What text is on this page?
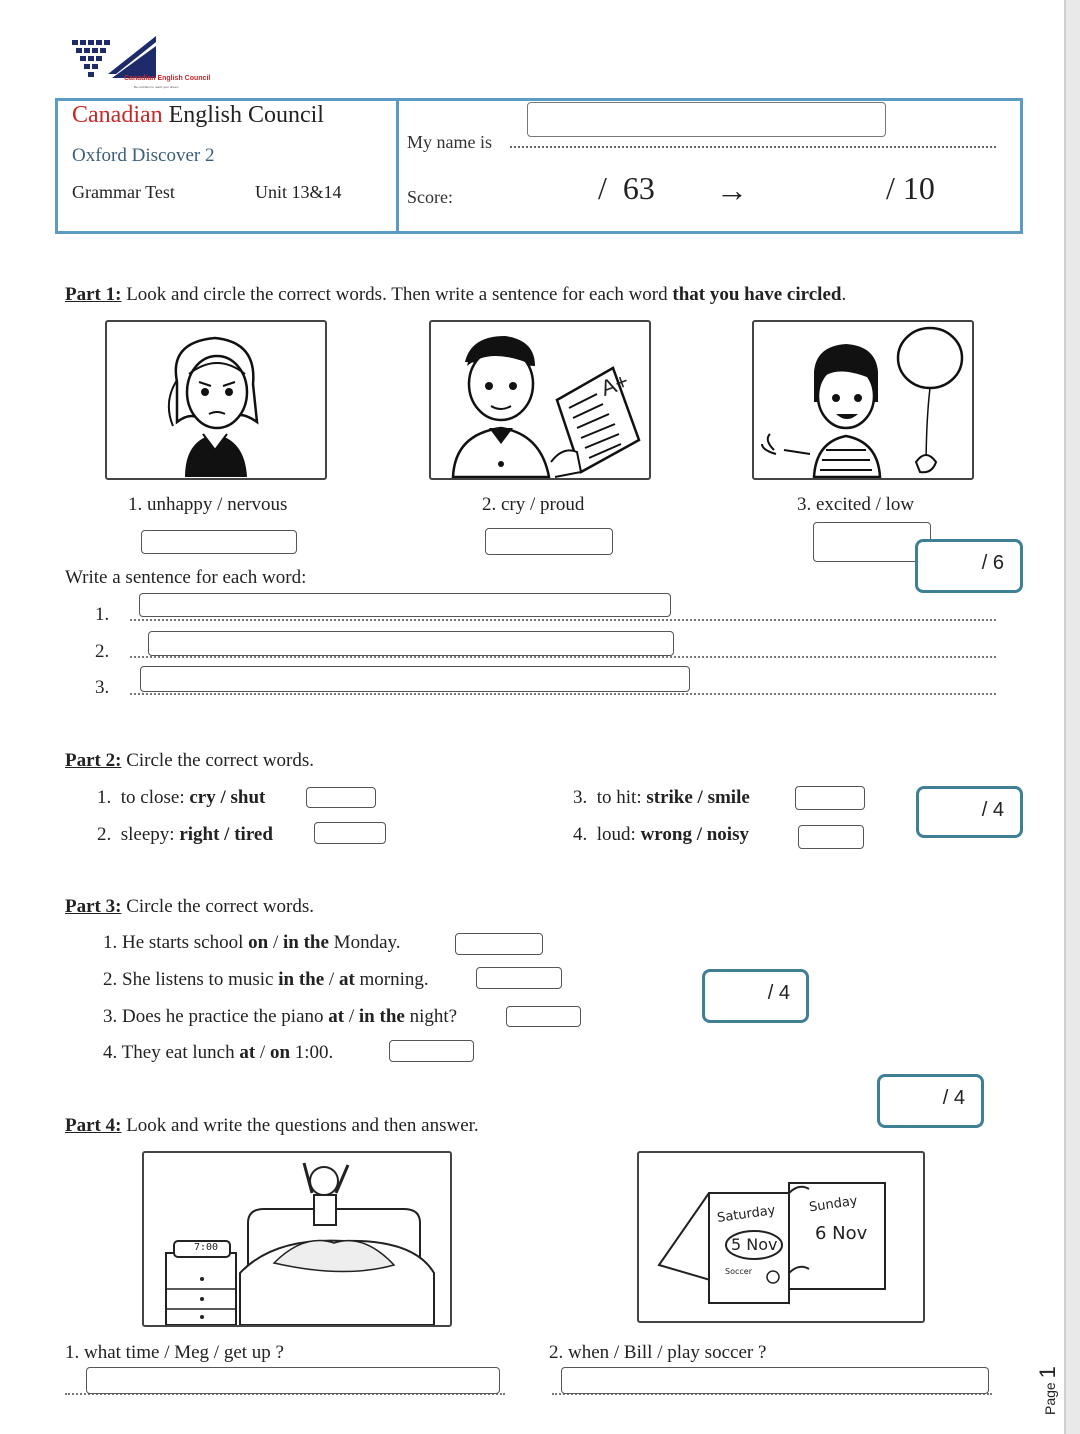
Canadian English Council
Be confident to reach your dream
Canadian English Council
Oxford Discover 2
Grammar Test	Unit 13&14
My name is
Score:	/  63 →	/ 10
Part 1: Look and circle the correct words. Then write a sentence for each word that you have circled.
A+
1. unhappy / nervous	2. cry / proud	3. excited / low
/ 6
Write a sentence for each word:
1.
2.
3.
Part 2: Circle the correct words.
1. to close: cry / shut
2. sleepy: right / tired
3. to hit: strike / smile
4. loud: wrong / noisy
/ 4
Part 3: Circle the correct words.
1. He starts school on / in the Monday.
2. She listens to music in the / at morning.
3. Does he practice the piano at / in the night?
4. They eat lunch at / on 1:00.
/ 4
/ 4
Part 4: Look and write the questions and then answer.
7:00
Saturday
5 Nov
Sunday
6 Nov
Soccer
1. what time / Meg / get up ?	2. when / Bill / play soccer ?
Page 1
